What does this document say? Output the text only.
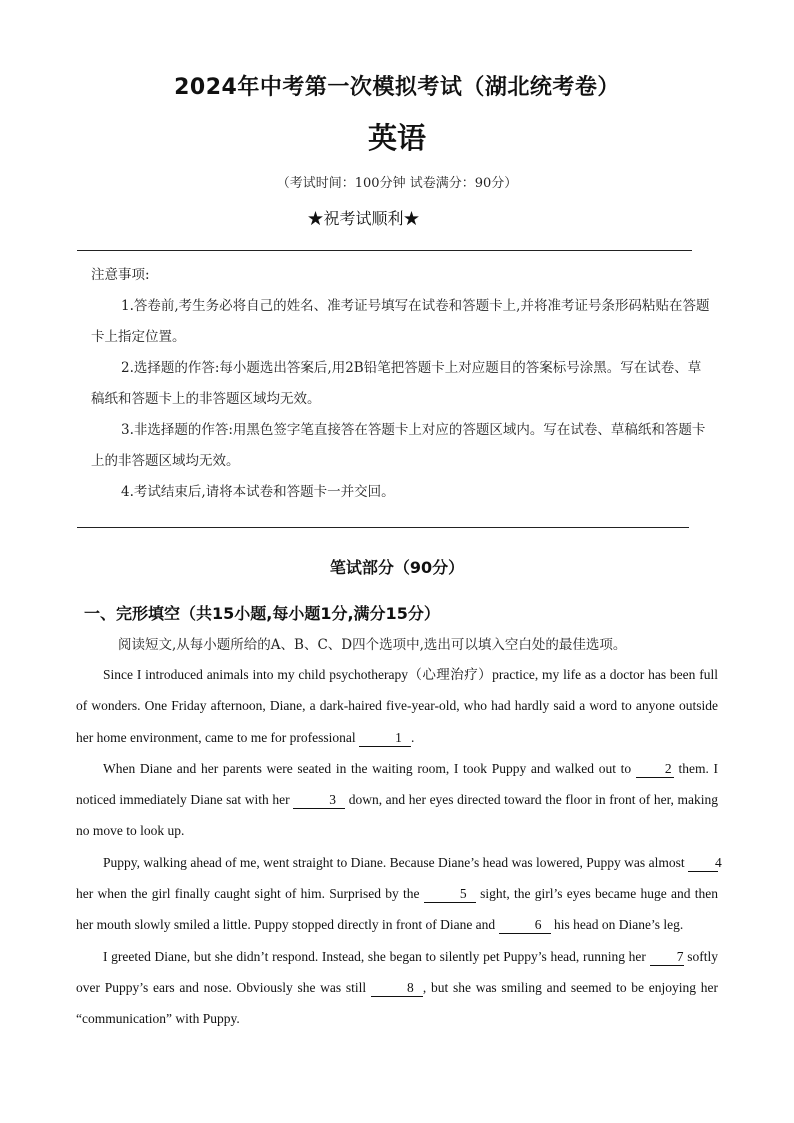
2024年中考第一次模拟考试（湖北统考卷）
英语
（考试时间：100分钟 试卷满分：90分）
★祝考试顺利★

注意事项:

1.答卷前,考生务必将自己的姓名、准考证号填写在试卷和答题卡上,并将准考证号条形码粘贴在答题卡上指定位置。

2.选择题的作答:每小题选出答案后,用2B铅笔把答题卡上对应题目的答案标号涂黑。写在试卷、草稿纸和答题卡上的非答题区域均无效。

3.非选择题的作答:用黑色签字笔直接答在答题卡上对应的答题区域内。写在试卷、草稿纸和答题卡上的非答题区域均无效。

4.考试结束后,请将本试卷和答题卡一并交回。

笔试部分（90分）
一、完形填空（共15小题,每小题1分,满分15分）
阅读短文,从每小题所给的A、B、C、D四个选项中,选出可以填入空白处的最佳选项。

Since I introduced animals into my child psychotherapy（心理治疗）practice, my life as a doctor has been full of wonders. One Friday afternoon, Diane, a dark-haired five-year-old, who had hardly said a word to anyone outside her home environment, came to me for professional	1 .

When Diane and her parents were seated in the waiting room, I took Puppy and walked out to 2 them. I noticed immediately Diane sat with her	3 down, and her eyes directed toward the floor in front of her, making no move to look up.

Puppy, walking ahead of me, went straight to Diane. Because Diane’s head was lowered, Puppy was almost 4 her when the girl finally caught sight of him. Surprised by the	5 sight, the girl’s eyes became huge and then her mouth slowly smiled a little. Puppy stopped directly in front of Diane and	6 his head on Diane’s leg.

I greeted Diane, but she didn’t respond. Instead, she began to silently pet Puppy’s head, running her 7 softly over Puppy’s ears and nose. Obviously she was still	8 , but she was smiling and seemed to be enjoying her “communication” with Puppy.
